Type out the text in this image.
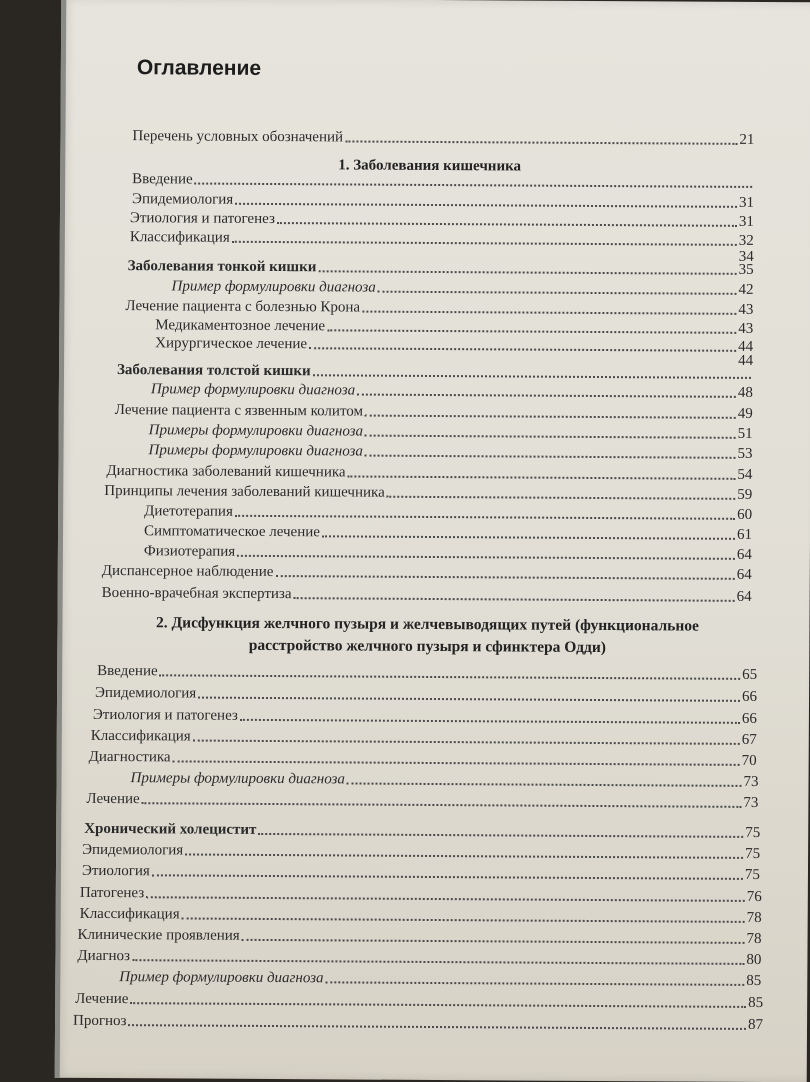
Оглавление
Перечень условных обозначений	21
1. Заболевания кишечника
Введение
Эпидемиология	31
Этиология и патогенез	31
Классификация	32
34
Заболевания тонкой кишки	35
Пример формулировки диагноза	42
Лечение пациента с болезнью Крона	43
Медикаментозное лечение	43
Хирургическое лечение	44
44
Заболевания толстой кишки
Пример формулировки диагноза	48
Лечение пациента с язвенным колитом	49
Примеры формулировки диагноза	51
Примеры формулировки диагноза	53
Диагностика заболеваний кишечника	54
Принципы лечения заболеваний кишечника	59
Диетотерапия	60
Симптоматическое лечение	61
Физиотерапия	64
Диспансерное наблюдение	64
Военно-врачебная экспертиза	64
2. Дисфункция желчного пузыря и желчевыводящих путей (функциональное
расстройство желчного пузыря и сфинктера Одди)
Введение	65
Эпидемиология	66
Этиология и патогенез	66
Классификация	67
Диагностика	70
Примеры формулировки диагноза	73
Лечение	73
Хронический холецистит	75
Эпидемиология	75
Этиология	75
Патогенез	76
Классификация	78
Клинические проявления	78
Диагноз	80
Пример формулировки диагноза	85
Лечение	85
Прогноз	87
